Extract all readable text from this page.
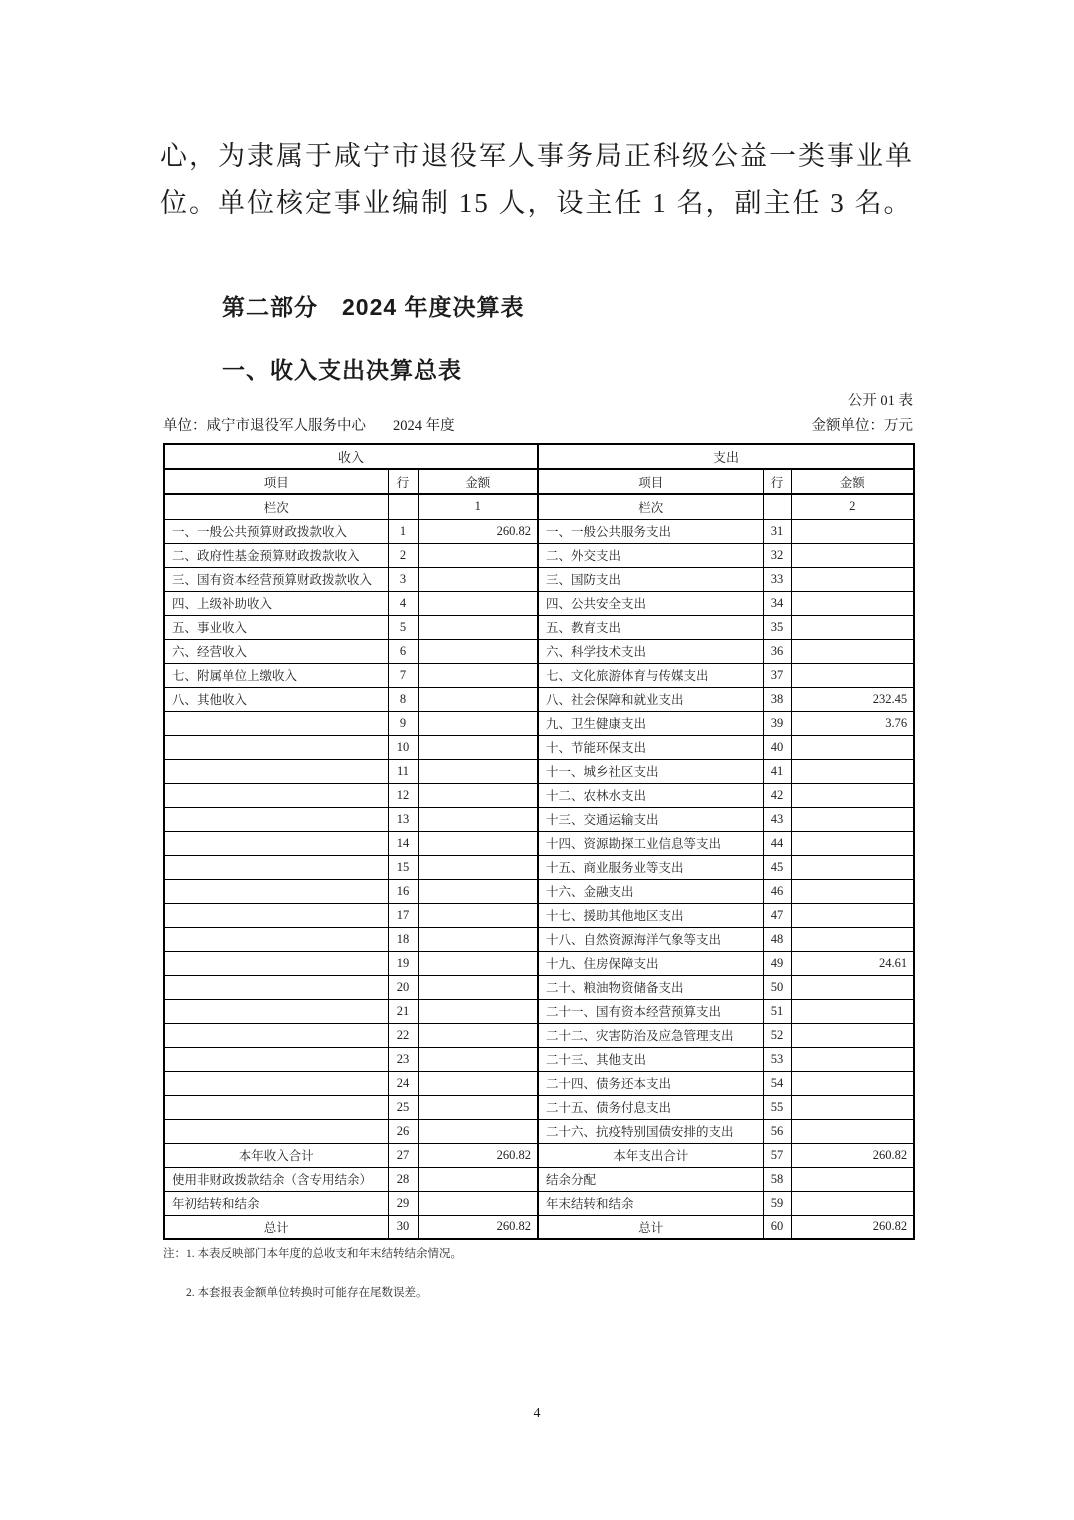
心，为隶属于咸宁市退役军人事务局正科级公益一类事业单
位。单位核定事业编制 15 人，设主任 1 名，副主任 3 名。
第二部分　2024 年度决算表
一、收入支出决算总表
公开 01 表
单位：咸宁市退役军人服务中心 2024 年度	金额单位：万元
收入			支出		
项目	行	金额	项目	行	金额
栏次		1	栏次		2
一、一般公共预算财政拨款收入	1	260.82	一、一般公共服务支出	31	
二、政府性基金预算财政拨款收入	2		二、外交支出	32	
三、国有资本经营预算财政拨款收入	3		三、国防支出	33	
四、上级补助收入	4		四、公共安全支出	34	
五、事业收入	5		五、教育支出	35	
六、经营收入	6		六、科学技术支出	36	
七、附属单位上缴收入	7		七、文化旅游体育与传媒支出	37	
八、其他收入	8		八、社会保障和就业支出	38	232.45
	9		九、卫生健康支出	39	3.76
	10		十、节能环保支出	40	
	11		十一、城乡社区支出	41	
	12		十二、农林水支出	42	
	13		十三、交通运输支出	43	
	14		十四、资源勘探工业信息等支出	44	
	15		十五、商业服务业等支出	45	
	16		十六、金融支出	46	
	17		十七、援助其他地区支出	47	
	18		十八、自然资源海洋气象等支出	48	
	19		十九、住房保障支出	49	24.61
	20		二十、粮油物资储备支出	50	
	21		二十一、国有资本经营预算支出	51	
	22		二十二、灾害防治及应急管理支出	52	
	23		二十三、其他支出	53	
	24		二十四、债务还本支出	54	
	25		二十五、债务付息支出	55	
	26		二十六、抗疫特别国债安排的支出	56	
本年收入合计	27	260.82	本年支出合计	57	260.82
使用非财政拨款结余（含专用结余）	28		结余分配	58	
年初结转和结余	29		年末结转和结余	59	
总计	30	260.82	总计	60	260.82
注：1. 本表反映部门本年度的总收支和年末结转结余情况。
2. 本套报表金额单位转换时可能存在尾数误差。
4
